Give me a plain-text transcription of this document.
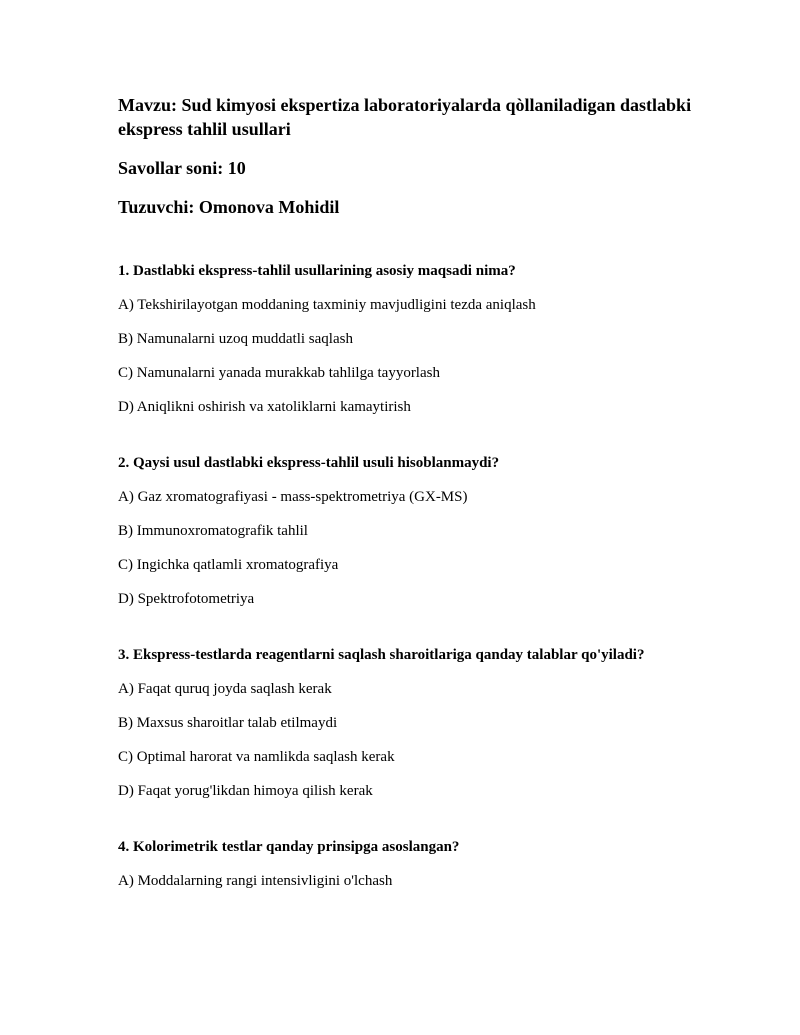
Mavzu: Sud kimyosi ekspertiza laboratoriyalarda qòllaniladigan dastlabki ekspress tahlil usullari

Savollar soni: 10

Tuzuvchi: Omonova Mohidil

1. Dastlabki ekspress-tahlil usullarining asosiy maqsadi nima?

A) Tekshirilayotgan moddaning taxminiy mavjudligini tezda aniqlash

B) Namunalarni uzoq muddatli saqlash

C) Namunalarni yanada murakkab tahlilga tayyorlash

D) Aniqlikni oshirish va xatoliklarni kamaytirish

2. Qaysi usul dastlabki ekspress-tahlil usuli hisoblanmaydi?

A) Gaz xromatografiyasi - mass-spektrometriya (GX-MS)

B) Immunoxromatografik tahlil

C) Ingichka qatlamli xromatografiya

D) Spektrofotometriya

3. Ekspress-testlarda reagentlarni saqlash sharoitlariga qanday talablar qo'yiladi?

A) Faqat quruq joyda saqlash kerak

B) Maxsus sharoitlar talab etilmaydi

C) Optimal harorat va namlikda saqlash kerak

D) Faqat yorug'likdan himoya qilish kerak

4. Kolorimetrik testlar qanday prinsipga asoslangan?

A) Moddalarning rangi intensivligini o'lchash
